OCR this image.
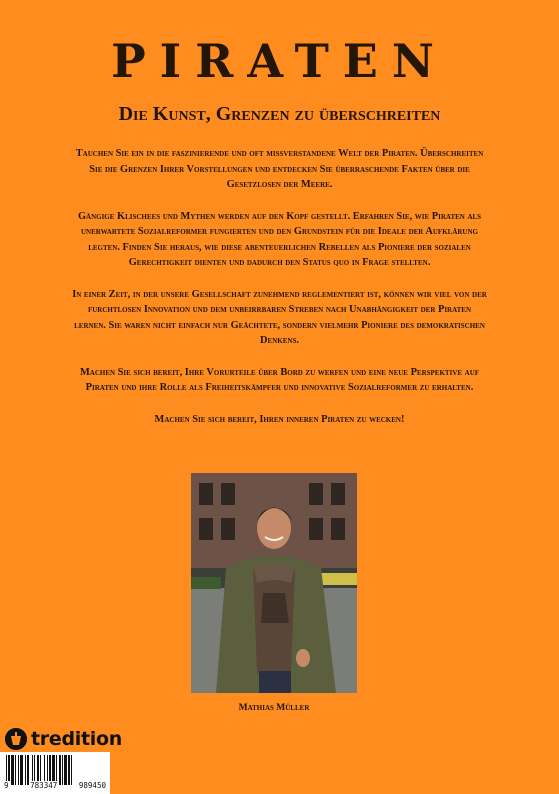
PIRATEN
Die Kunst, Grenzen zu überschreiten

Tauchen Sie ein in die faszinierende und oft missverstandene Welt der Piraten. Überschreiten Sie die Grenzen Ihrer Vorstellungen und entdecken Sie überraschende Fakten über die Gesetzlosen der Meere.

Gängige Klischees und Mythen werden auf den Kopf gestellt. Erfahren Sie, wie Piraten als unerwartete Sozialreformer fungierten und den Grundstein für die Ideale der Aufklärung legten. Finden Sie heraus, wie diese abenteuerlichen Rebellen als Pioniere der sozialen Gerechtigkeit dienten und dadurch den Status quo in Frage stellten.

In einer Zeit, in der unsere Gesellschaft zunehmend reglementiert ist, können wir viel von der furchtlosen Innovation und dem unbeirrbaren Streben nach Unabhängigkeit der Piraten lernen. Sie waren nicht einfach nur Geächtete, sondern vielmehr Pioniere des demokratischen Denkens.

Machen Sie sich bereit, Ihre Vorurteile über Bord zu werfen und eine neue Perspektive auf Piraten und ihre Rolle als Freiheitskämpfer und innovative Sozialreformer zu erhalten.

Machen Sie sich bereit, Ihren inneren Piraten zu wecken!

Mathias Müller
tredition
9	783347	989450
